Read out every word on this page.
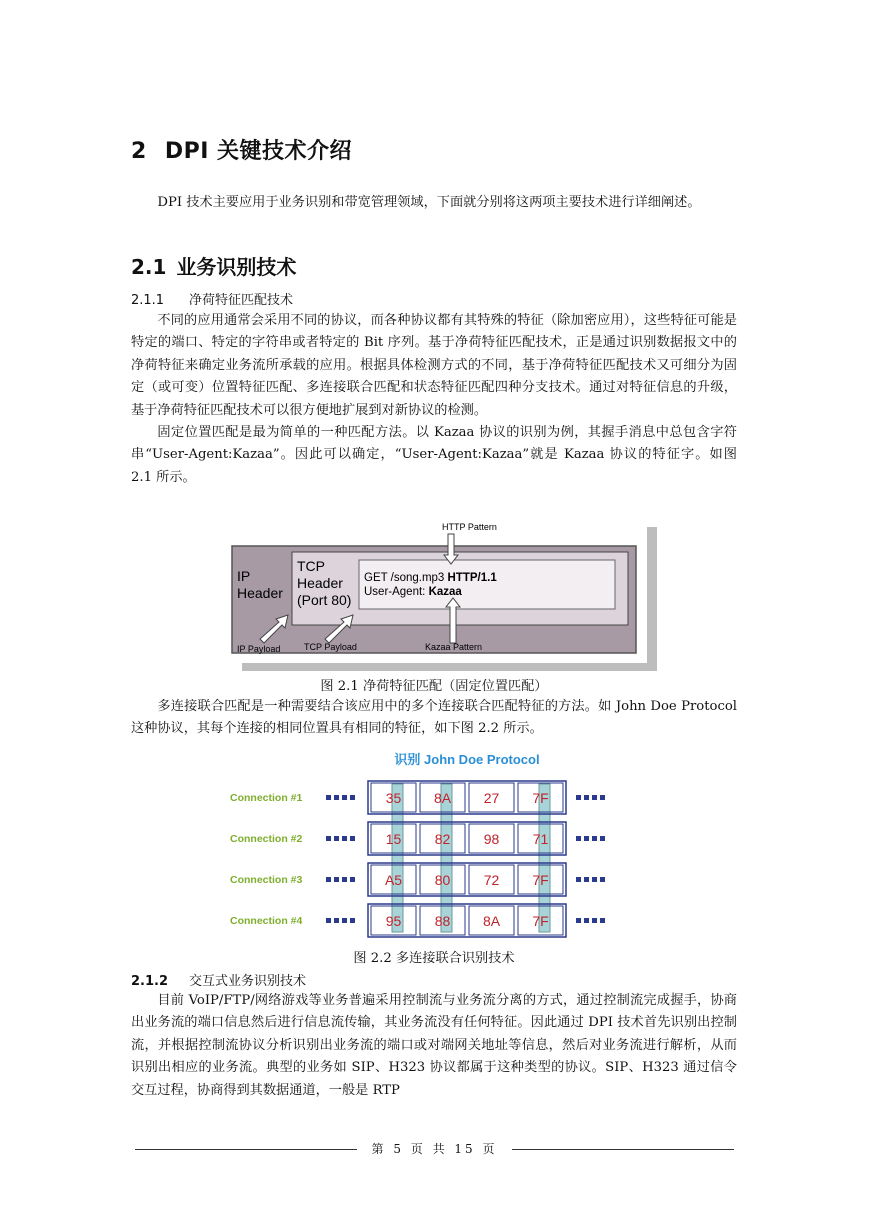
2 DPI 关键技术介绍

DPI 技术主要应用于业务识别和带宽管理领域，下面就分别将这两项主要技术进行详细阐述。

2.1 业务识别技术
2.1.1 净荷特征匹配技术

不同的应用通常会采用不同的协议，而各种协议都有其特殊的特征（除加密应用），这些特征可能是特定的端口、特定的字符串或者特定的 Bit 序列。基于净荷特征匹配技术，正是通过识别数据报文中的净荷特征来确定业务流所承载的应用。根据具体检测方式的不同，基于净荷特征匹配技术又可细分为固定（或可变）位置特征匹配、多连接联合匹配和状态特征匹配四种分支技术。通过对特征信息的升级，基于净荷特征匹配技术可以很方便地扩展到对新协议的检测。

固定位置匹配是最为简单的一种匹配方法。以 Kazaa 协议的识别为例，其握手消息中总包含字符串“User-Agent:Kazaa”。因此可以确定，“User-Agent:Kazaa”就是 Kazaa 协议的特征字。如图 2.1 所示。

IP
Header
TCP
Header
(Port 80)
GET /song.mp3 HTTP/1.1
User-Agent: Kazaa
HTTP Pattern
IP Payload	TCP Payload	Kazaa Pattern
图 2.1 净荷特征匹配（固定位置匹配）

多连接联合匹配是一种需要结合该应用中的多个连接联合匹配特征的方法。如 John Doe Protocol 这种协议，其每个连接的相同位置具有相同的特征，如下图 2.2 所示。

识别 John Doe Protocol
Connection #1	35 8A 27 7F
Connection #2	15 82 98 71
Connection #3	A5 80 72 7F
Connection #4	95 88 8A 7F
图 2.2 多连接联合识别技术
2.1.2 交互式业务识别技术

目前 VoIP/FTP/网络游戏等业务普遍采用控制流与业务流分离的方式，通过控制流完成握手，协商出业务流的端口信息然后进行信息流传输，其业务流没有任何特征。因此通过 DPI 技术首先识别出控制流，并根据控制流协议分析识别出业务流的端口或对端网关地址等信息，然后对业务流进行解析，从而识别出相应的业务流。典型的业务如 SIP、H323 协议都属于这种类型的协议。SIP、H323 通过信令交互过程，协商得到其数据通道，一般是 RTP

第 5 页 共 15 页
